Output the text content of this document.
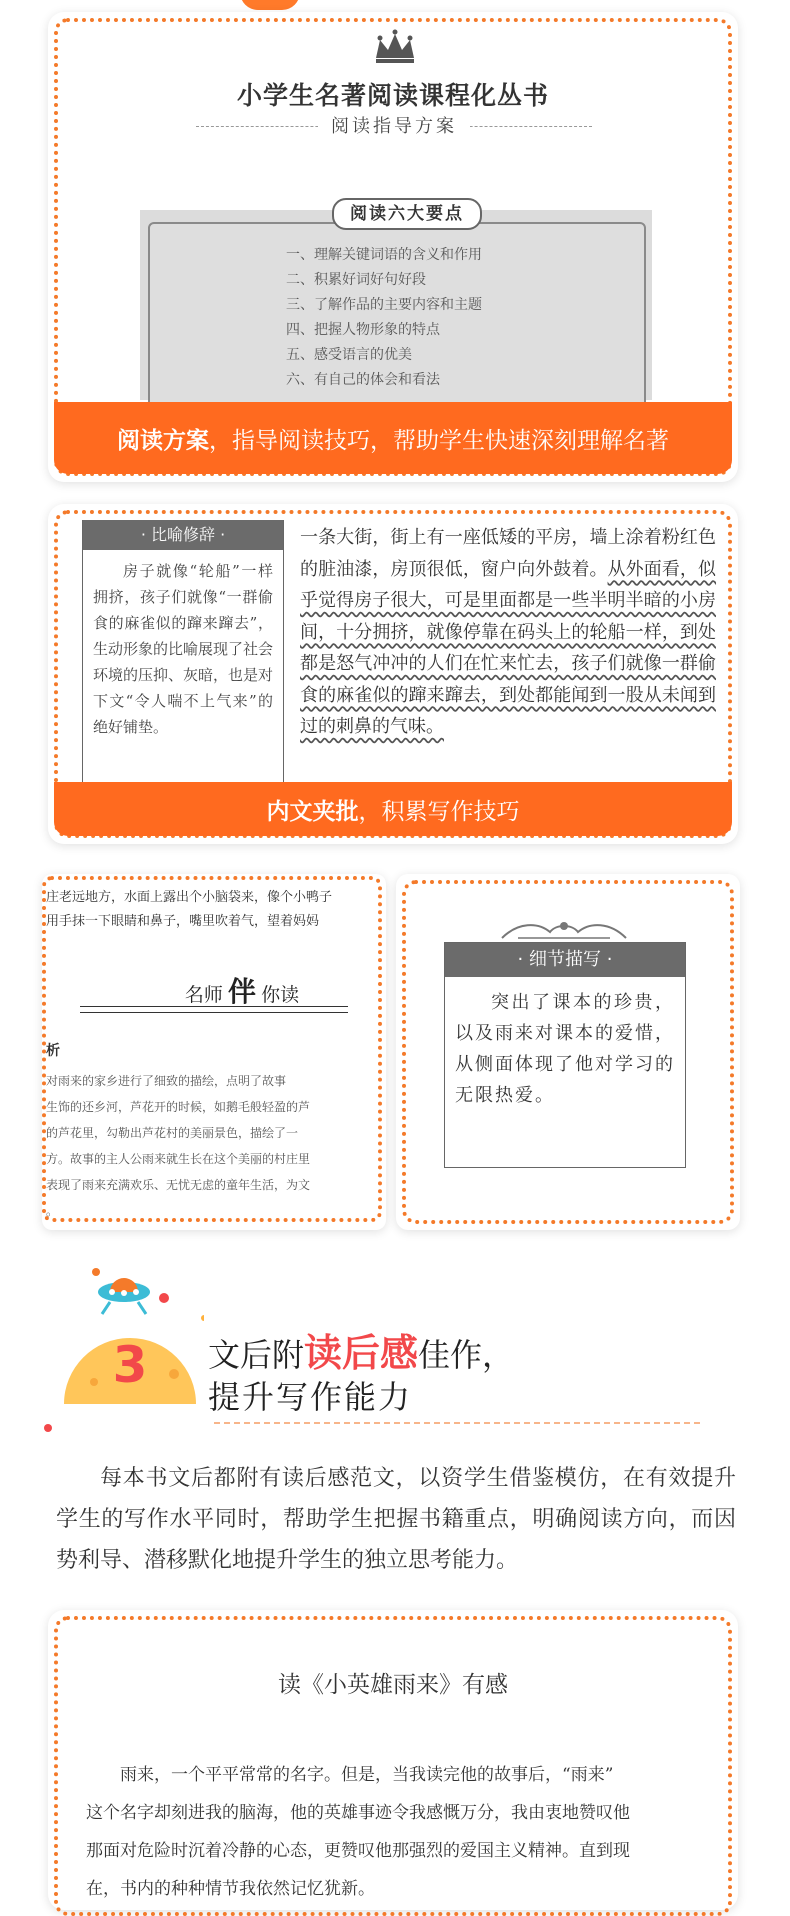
小学生名著阅读课程化丛书
阅读指导方案
阅读六大要点
一、理解关键词语的含义和作用
二、积累好词好句好段
三、了解作品的主要内容和主题
四、把握人物形象的特点
五、感受语言的优美
六、有自己的体会和看法
阅读方案 ，指导阅读技巧，帮助学生快速深刻理解名著
· 比喻修辞 ·
房子就像“轮船”一样拥挤，孩子们就像“一群偷食的麻雀似的蹿来蹿去”，生动形象的比喻展现了社会环境的压抑、灰暗，也是对下文“令人喘不上气来”的绝好铺垫。
一条大街，街上有一座低矮的平房，墙上涂着粉红色的脏油漆，房顶很低，窗户向外鼓着。从外面看，似乎觉得房子很大，可是里面都是一些半明半暗的小房间，十分拥挤，就像停靠在码头上的轮船一样，到处都是怒气冲冲的人们在忙来忙去，孩子们就像一群偷食的麻雀似的蹿来蹿去，到处都能闻到一股从未闻到过的刺鼻的气味。
内文夹批 ，积累写作技巧
庄老远地方，水面上露出个小脑袋来，像个小鸭子
用手抹一下眼睛和鼻子，嘴里吹着气，望着妈妈
名师 伴 你读
析
对雨来的家乡进行了细致的描绘，点明了故事
生饰的还乡河，芦花开的时候，如鹅毛般轻盈的芦
的芦花里，勾勒出芦花村的美丽景色，描绘了一
方。故事的主人公雨来就生长在这个美丽的村庄里
表现了雨来充满欢乐、无忧无虑的童年生活，为文
。
· 细节描写 ·
突出了课本的珍贵，以及雨来对课本的爱惜，从侧面体现了他对学习的无限热爱。
3	文后附读后感佳作，
提升写作能力
每本书文后都附有读后感范文，以资学生借鉴模仿，在有效提升学生的写作水平同时，帮助学生把握书籍重点，明确阅读方向，而因势利导、潜移默化地提升学生的独立思考能力。
读《小英雄雨来》有感

雨来，一个平平常常的名字。但是，当我读完他的故事后，“雨来”

这个名字却刻进我的脑海，他的英雄事迹令我感慨万分，我由衷地赞叹他

那面对危险时沉着冷静的心态，更赞叹他那强烈的爱国主义精神。直到现

在，书内的种种情节我依然记忆犹新。
